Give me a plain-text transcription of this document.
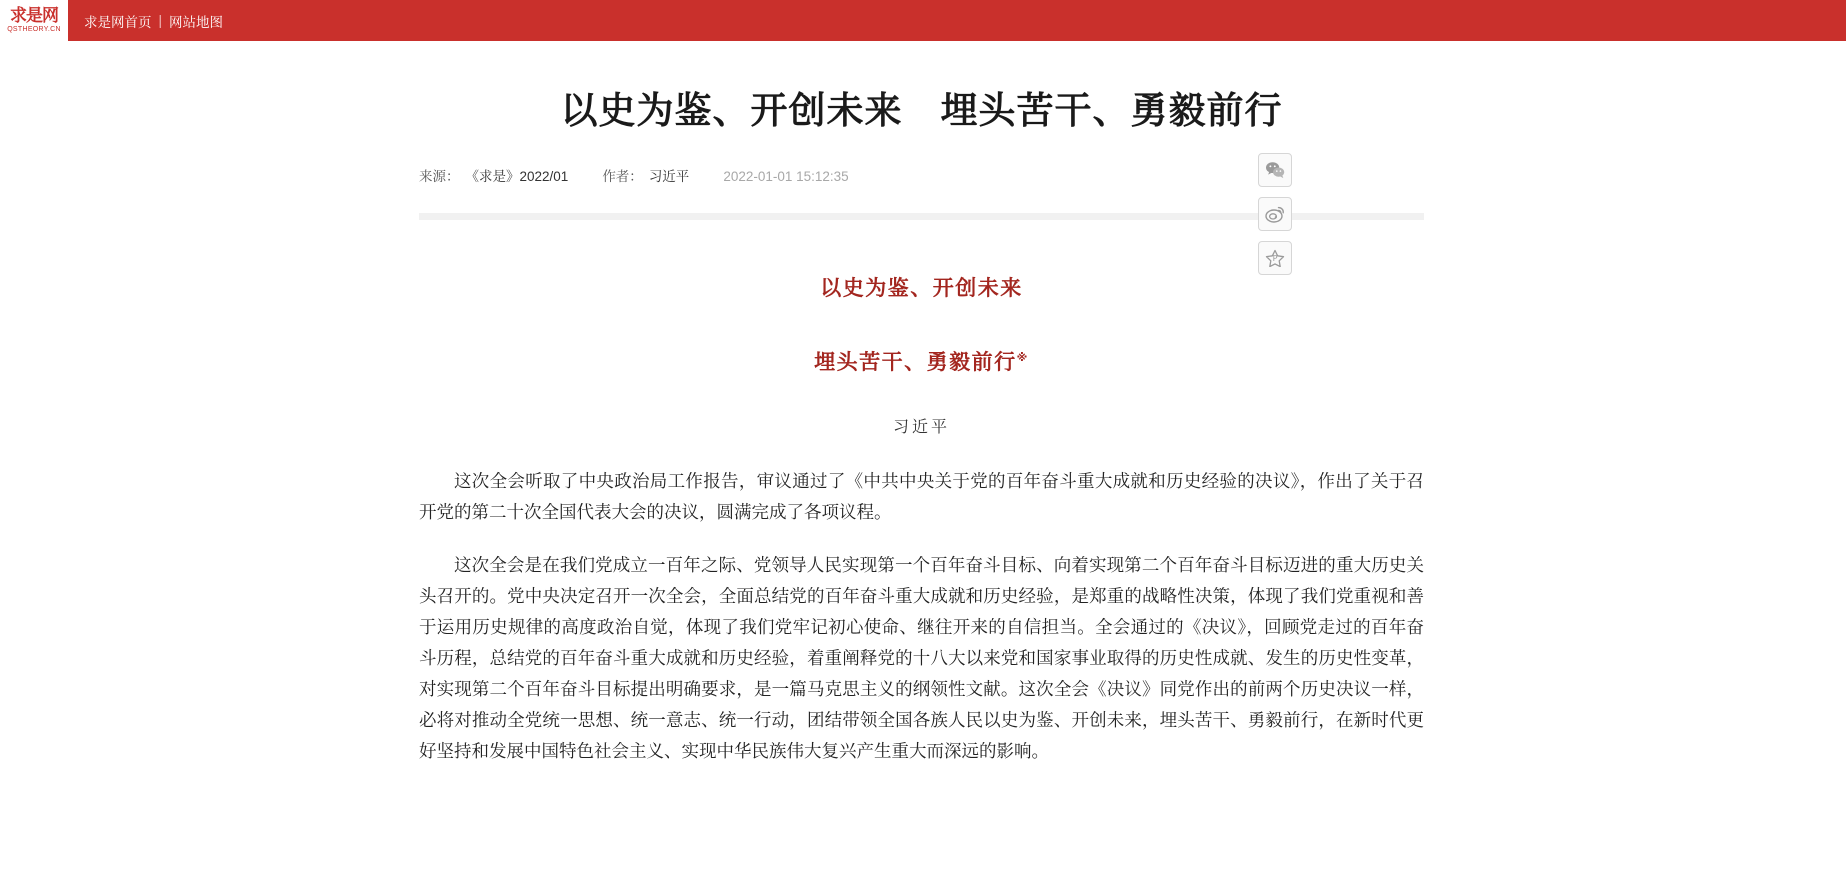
求是网
QSTHEORY.CN 求是网首页 | 网站地图
以史为鉴、开创未来　埋头苦干、勇毅前行
来源： 《求是》2022/01	作者： 习近平	2022-01-01 15:12:35
以史为鉴、开创未来
埋头苦干、勇毅前行※
习近平

这次全会听取了中央政治局工作报告，审议通过了《中共中央关于党的百年奋斗重大成就和历史经验的决议》，作出了关于召开党的第二十次全国代表大会的决议，圆满完成了各项议程。

这次全会是在我们党成立一百年之际、党领导人民实现第一个百年奋斗目标、向着实现第二个百年奋斗目标迈进的重大历史关头召开的。党中央决定召开一次全会，全面总结党的百年奋斗重大成就和历史经验，是郑重的战略性决策，体现了我们党重视和善于运用历史规律的高度政治自觉，体现了我们党牢记初心使命、继往开来的自信担当。全会通过的《决议》，回顾党走过的百年奋斗历程，总结党的百年奋斗重大成就和历史经验，着重阐释党的十八大以来党和国家事业取得的历史性成就、发生的历史性变革，对实现第二个百年奋斗目标提出明确要求，是一篇马克思主义的纲领性文献。这次全会《决议》同党作出的前两个历史决议一样，必将对推动全党统一思想、统一意志、统一行动，团结带领全国各族人民以史为鉴、开创未来，埋头苦干、勇毅前行，在新时代更好坚持和发展中国特色社会主义、实现中华民族伟大复兴产生重大而深远的影响。

P
